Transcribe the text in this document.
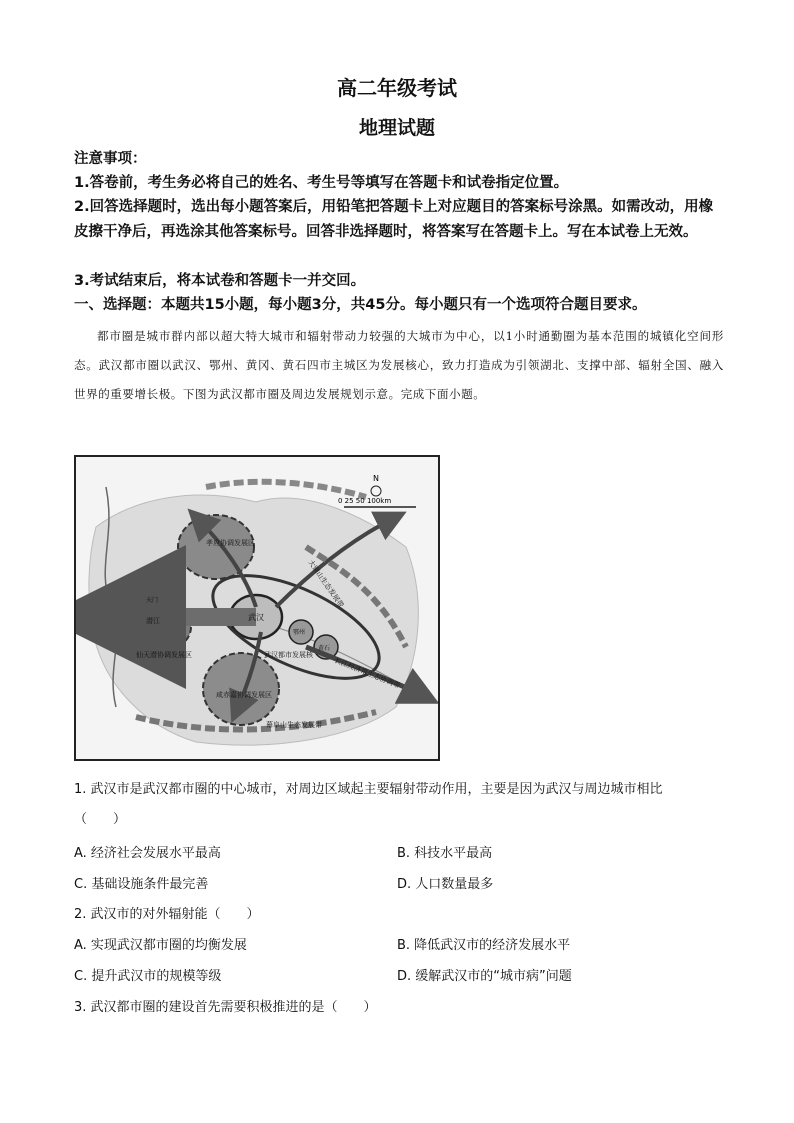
高二年级考试
地理试题
注意事项：
1.答卷前，考生务必将自己的姓名、考生号等填写在答题卡和试卷指定位置。
2.回答选择题时，选出每小题答案后，用铅笔把答题卡上对应题目的答案标号涂黑。如需改动，用橡皮擦干净后，再选涂其他答案标号。回答非选择题时，将答案写在答题卡上。写在本试卷上无效。
3.考试结束后，将本试卷和答题卡一并交回。
一、选择题：本题共15小题，每小题3分，共45分。每小题只有一个选项符合题目要求。
都市圈是城市群内部以超大特大城市和辐射带动力较强的大城市为中心，以1小时通勤圈为基本范围的城镇化空间形态。武汉都市圈以武汉、鄂州、黄冈、黄石四市主城区为发展核心，致力打造成为引领湖北、支撑中部、辐射全国、融入世界的重要增长极。下图为武汉都市圈及周边发展规划示意。完成下面小题。
N
0 25 50 100km
孝应协调发展区
大别山生态发展带
潜江
仙天潜协调发展区
武汉
武汉都市发展核
长江经济带生态协调带
咸赤嘉协调发展区
幕阜山生态发展带
天门
鄂州
黄石
1. 武汉市是武汉都市圈的中心城市，对周边区域起主要辐射带动作用，主要是因为武汉与周边城市相比
（　　）
A. 经济社会发展水平最高	B. 科技水平最高
C. 基础设施条件最完善	D. 人口数量最多
2. 武汉市的对外辐射能（　　）
A. 实现武汉都市圈的均衡发展	B. 降低武汉市的经济发展水平
C. 提升武汉市的规模等级	D. 缓解武汉市的“城市病”问题
3. 武汉都市圈的建设首先需要积极推进的是（　　）
